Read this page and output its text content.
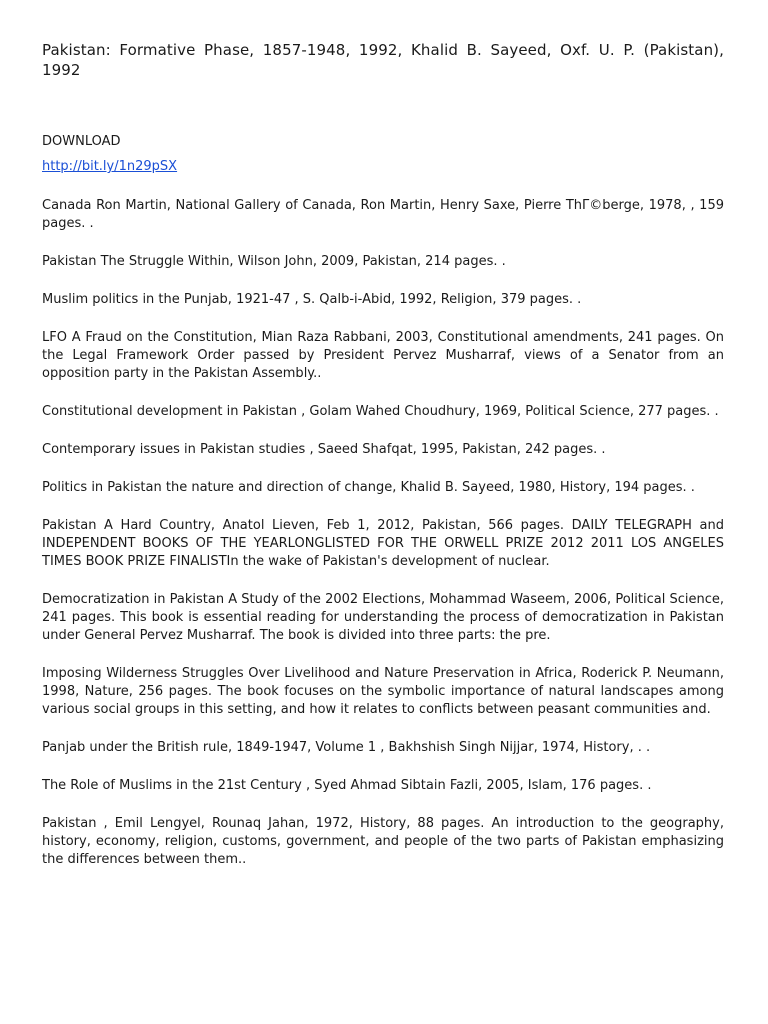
Pakistan: Formative Phase, 1857-1948, 1992, Khalid B. Sayeed, Oxf. U. P. (Pakistan), 1992
DOWNLOAD
http://bit.ly/1n29pSX
Canada Ron Martin, National Gallery of Canada, Ron Martin, Henry Saxe, Pierre ThΓ©berge, 1978, , 159 pages. .
Pakistan The Struggle Within, Wilson John, 2009, Pakistan, 214 pages. .
Muslim politics in the Punjab, 1921-47 , S. Qalb-i-Abid, 1992, Religion, 379 pages. .
LFO A Fraud on the Constitution, Mian Raza Rabbani, 2003, Constitutional amendments, 241 pages. On the Legal Framework Order passed by President Pervez Musharraf, views of a Senator from an opposition party in the Pakistan Assembly..
Constitutional development in Pakistan , Golam Wahed Choudhury, 1969, Political Science, 277 pages. .
Contemporary issues in Pakistan studies , Saeed Shafqat, 1995, Pakistan, 242 pages. .
Politics in Pakistan the nature and direction of change, Khalid B. Sayeed, 1980, History, 194 pages. .
Pakistan A Hard Country, Anatol Lieven, Feb 1, 2012, Pakistan, 566 pages. DAILY TELEGRAPH and INDEPENDENT BOOKS OF THE YEARLONGLISTED FOR THE ORWELL PRIZE 2012 2011 LOS ANGELES TIMES BOOK PRIZE FINALISTIn the wake of Pakistan's development of nuclear.
Democratization in Pakistan A Study of the 2002 Elections, Mohammad Waseem, 2006, Political Science, 241 pages. This book is essential reading for understanding the process of democratization in Pakistan under General Pervez Musharraf. The book is divided into three parts: the pre.
Imposing Wilderness Struggles Over Livelihood and Nature Preservation in Africa, Roderick P. Neumann, 1998, Nature, 256 pages. The book focuses on the symbolic importance of natural landscapes among various social groups in this setting, and how it relates to conflicts between peasant communities and.
Panjab under the British rule, 1849-1947, Volume 1 , Bakhshish Singh Nijjar, 1974, History, . .
The Role of Muslims in the 21st Century , Syed Ahmad Sibtain Fazli, 2005, Islam, 176 pages. .
Pakistan , Emil Lengyel, Rounaq Jahan, 1972, History, 88 pages. An introduction to the geography, history, economy, religion, customs, government, and people of the two parts of Pakistan emphasizing the differences between them..
